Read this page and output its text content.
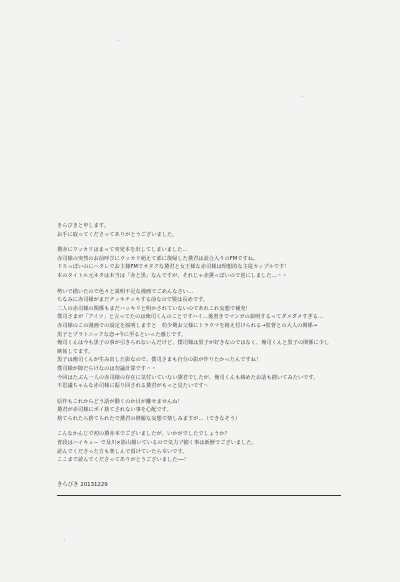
きらびきと申します。
お手に取ってくださってありがとうございました。
黛赤にワッカリはまって突発本を出してしまいました…
赤司様の突然のお前呼びにウッカリ萌えて部に復帰した黛君は読合入りのFMですね。
ドＳっぽいのにヘタレでお主様FMでオタクな黛君と女王様な赤司様は理想的な主従カップルです！
本のタイトル元ネタは本当は「赤と黒」なんですが、それじゃ赤黛っぽいので逆にしました…＾＾
勢いで描いたので色々と説明不足な漫画でごめんなさい…
ちなみに赤司様がまだチッキチッキする前なので髪は長めです。
二人の赤司様の関係もまだハッキリと明かされていないのであれこれ妄想で補充！
僕司さまが「アイツ」と言ってたのは俺司くんのことですハイ…後書きでマンガの説明するってダメダメすぎる…
赤司様のこの漫画での設定を説明しますと　幼少期お父様にトラウマを植え付けられる→監督との大人の関係→
黒子とプラトニックな恋→今に至るといった感じです。
俺司くんは今も黒子の事が引きられないんだけど、僕司様は黒子が好きなのではなく、俺司くんと黒子の関係に少し
嫉妬してます。
黒子は俺司くんが生み出した影なので、僕司さまも自分の影が作りたかったんですね！
僕司様が隙だらけなのは勿論計算です＾＾
今回はたぶん一人の赤司様の存在に気付いていない黛君でしたが、俺司くんも絡めたお話も描いてみたいです。
不思議ちゃんな赤司様に振り回される黛君がもっと見たいです〜
原作もこれからどう話が動くのか目が離せませんね！
黛君が赤司様にポイ捨てされない事を心配です。
捨てられたら捨てられたで黛君の修羅な妄想で楽しみますが…（できなそう）
こんなかんじで初の黛赤本でございましたが、いかがでしたでしょうか？
普段はハイキュー で及川×影山描いているので気力ブ描く事は新鮮でございました。
読んでくださった方も楽しんで頂けていたら幸いです。
ここまで読んでくださってありがとうございました──！
きらびき 20131229
